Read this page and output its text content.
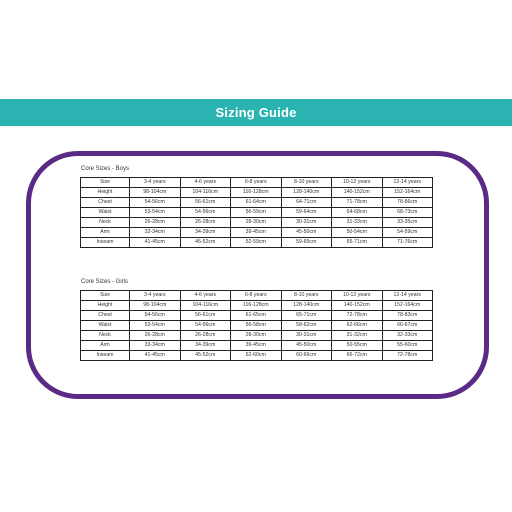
Sizing Guide
Core Sizes - Boys
Size	3-4 years	4-6 years	6-8 years	8-10 years	10-12 years	12-14 years
Height	98-104cm	104-116cm	116-128cm	128-140cm	140-152cm	152-164cm
Chest	54-56cm	56-61cm	61-64cm	64-71cm	71-78cm	78-86cm
Waist	53-54cm	54-56cm	56-59cm	59-64cm	64-68cm	68-73cm
Neck	26-28cm	26-28cm	28-30cm	30-31cm	31-33cm	33-35cm
Arm	33-34cm	34-39cm	39-45cm	45-50cm	50-54cm	54-59cm
Inseam	41-45cm	45-52cm	52-59cm	59-65cm	65-71cm	71-76cm
Core Sizes - Girls
Size	3-4 years	4-6 years	6-8 years	8-10 years	10-12 years	12-14 years
Height	98-104cm	104-116cm	116-128cm	128-140cm	140-152cm	152-164cm
Chest	54-56cm	56-61cm	61-65cm	65-71cm	72-78cm	78-83cm
Waist	53-54cm	54-56cm	56-58cm	58-62cm	62-66cm	66-67cm
Neck	26-28cm	26-28cm	28-30cm	30-31cm	31-32cm	32-33cm
Arm	33-34cm	34-39cm	39-45cm	45-50cm	50-55cm	55-60cm
Inseam	41-45cm	45-52cm	52-60cm	60-66cm	66-72cm	72-78cm
